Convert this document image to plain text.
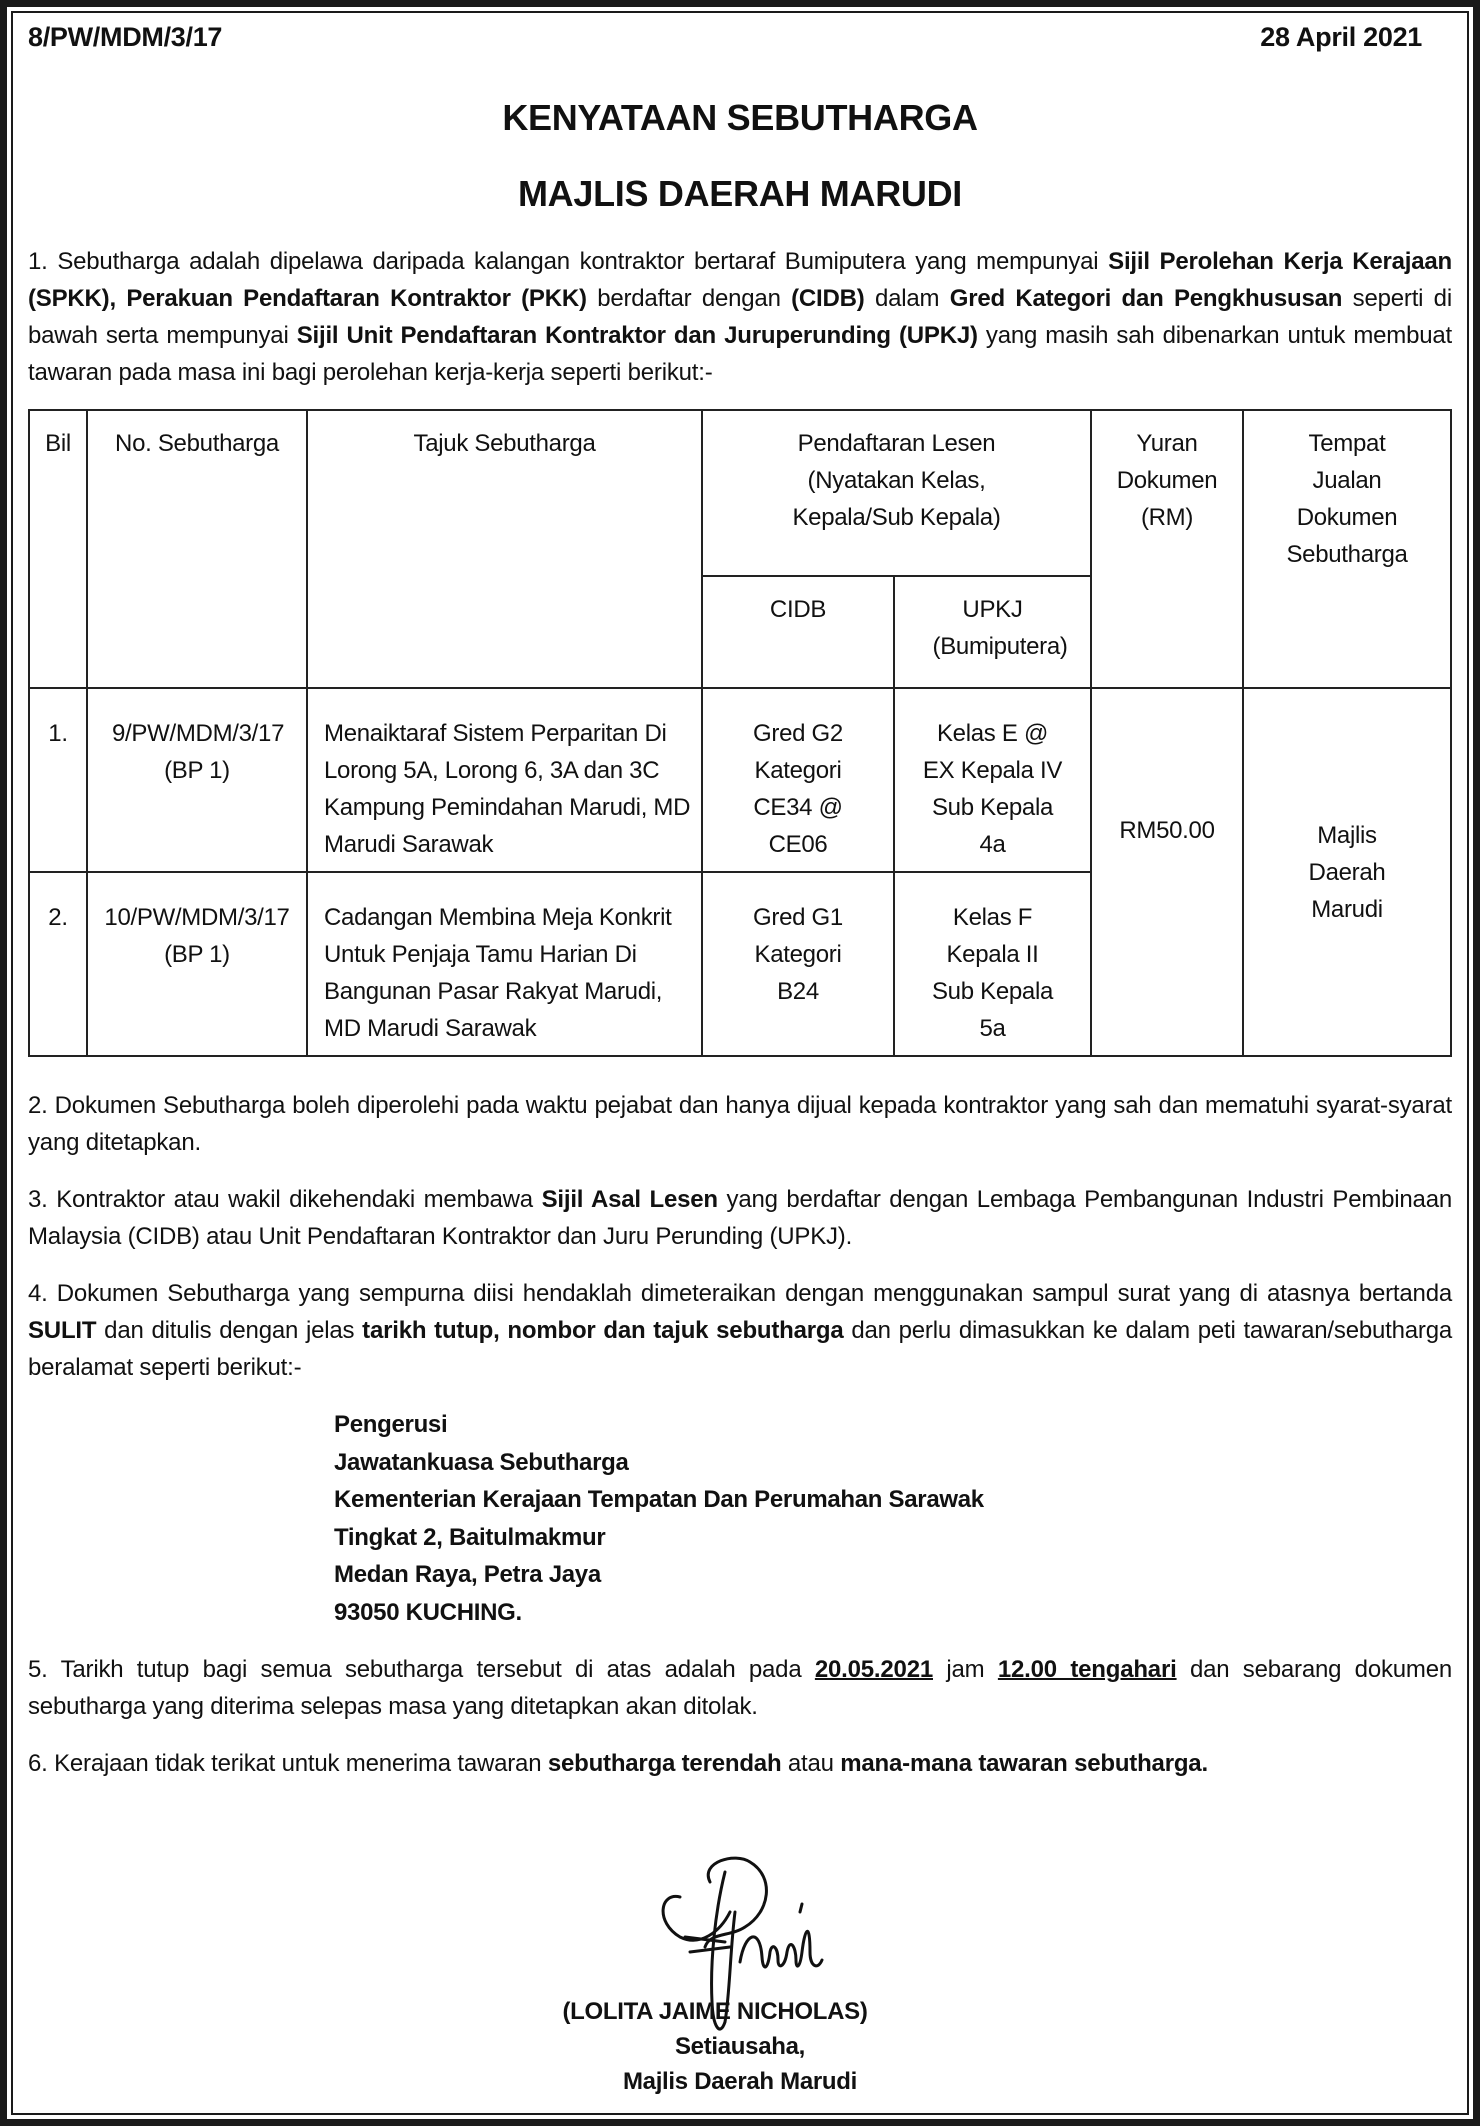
8/PW/MDM/3/17	28 April 2021
KENYATAAN SEBUTHARGA
MAJLIS DAERAH MARUDI

1. Sebutharga adalah dipelawa daripada kalangan kontraktor bertaraf Bumiputera yang mempunyai Sijil Perolehan Kerja Kerajaan (SPKK), Perakuan Pendaftaran Kontraktor (PKK) berdaftar dengan (CIDB) dalam Gred Kategori dan Pengkhususan seperti di bawah serta mempunyai Sijil Unit Pendaftaran Kontraktor dan Juruperunding (UPKJ) yang masih sah dibenarkan untuk membuat tawaran pada masa ini bagi perolehan kerja-kerja seperti berikut:-

Bil	No. Sebutharga	Tajuk Sebutharga	Pendaftaran Lesen (Nyatakan Kelas, Kepala/Sub Kepala)		Yuran Dokumen (RM)	Tempat Jualan Dokumen Sebutharga

			CIDB	UPKJ (Bumiputera)		

1.	9/PW/MDM/3/17 (BP 1)	Menaiktaraf Sistem Perparitan Di Lorong 5A, Lorong 6, 3A dan 3C Kampung Pemindahan Marudi, MD Marudi Sarawak	Gred G2 Kategori CE34 @ CE06	Kelas E @ EX Kepala IV Sub Kepala 4a	RM50.00	Majlis Daerah Marudi

2.	10/PW/MDM/3/17 (BP 1)	Cadangan Membina Meja Konkrit Untuk Penjaja Tamu Harian Di Bangunan Pasar Rakyat Marudi, MD Marudi Sarawak	Gred G1 Kategori B24	Kelas F Kepala II Sub Kepala 5a		

2. Dokumen Sebutharga boleh diperolehi pada waktu pejabat dan hanya dijual kepada kontraktor yang sah dan mematuhi syarat-syarat yang ditetapkan.

3. Kontraktor atau wakil dikehendaki membawa Sijil Asal Lesen yang berdaftar dengan Lembaga Pembangunan Industri Pembinaan Malaysia (CIDB) atau Unit Pendaftaran Kontraktor dan Juru Perunding (UPKJ).

4. Dokumen Sebutharga yang sempurna diisi hendaklah dimeteraikan dengan menggunakan sampul surat yang di atasnya bertanda SULIT dan ditulis dengan jelas tarikh tutup, nombor dan tajuk sebutharga dan perlu dimasukkan ke dalam peti tawaran/sebutharga beralamat seperti berikut:-

Pengerusi
Jawatankuasa Sebutharga
Kementerian Kerajaan Tempatan Dan Perumahan Sarawak
Tingkat 2, Baitulmakmur
Medan Raya, Petra Jaya
93050 KUCHING.

5. Tarikh tutup bagi semua sebutharga tersebut di atas adalah pada 20.05.2021 jam 12.00 tengahari dan sebarang dokumen sebutharga yang diterima selepas masa yang ditetapkan akan ditolak.

6. Kerajaan tidak terikat untuk menerima tawaran sebutharga terendah atau mana-mana tawaran sebutharga.

(LOLITA JAIME NICHOLAS)
Setiausaha,
Majlis Daerah Marudi
